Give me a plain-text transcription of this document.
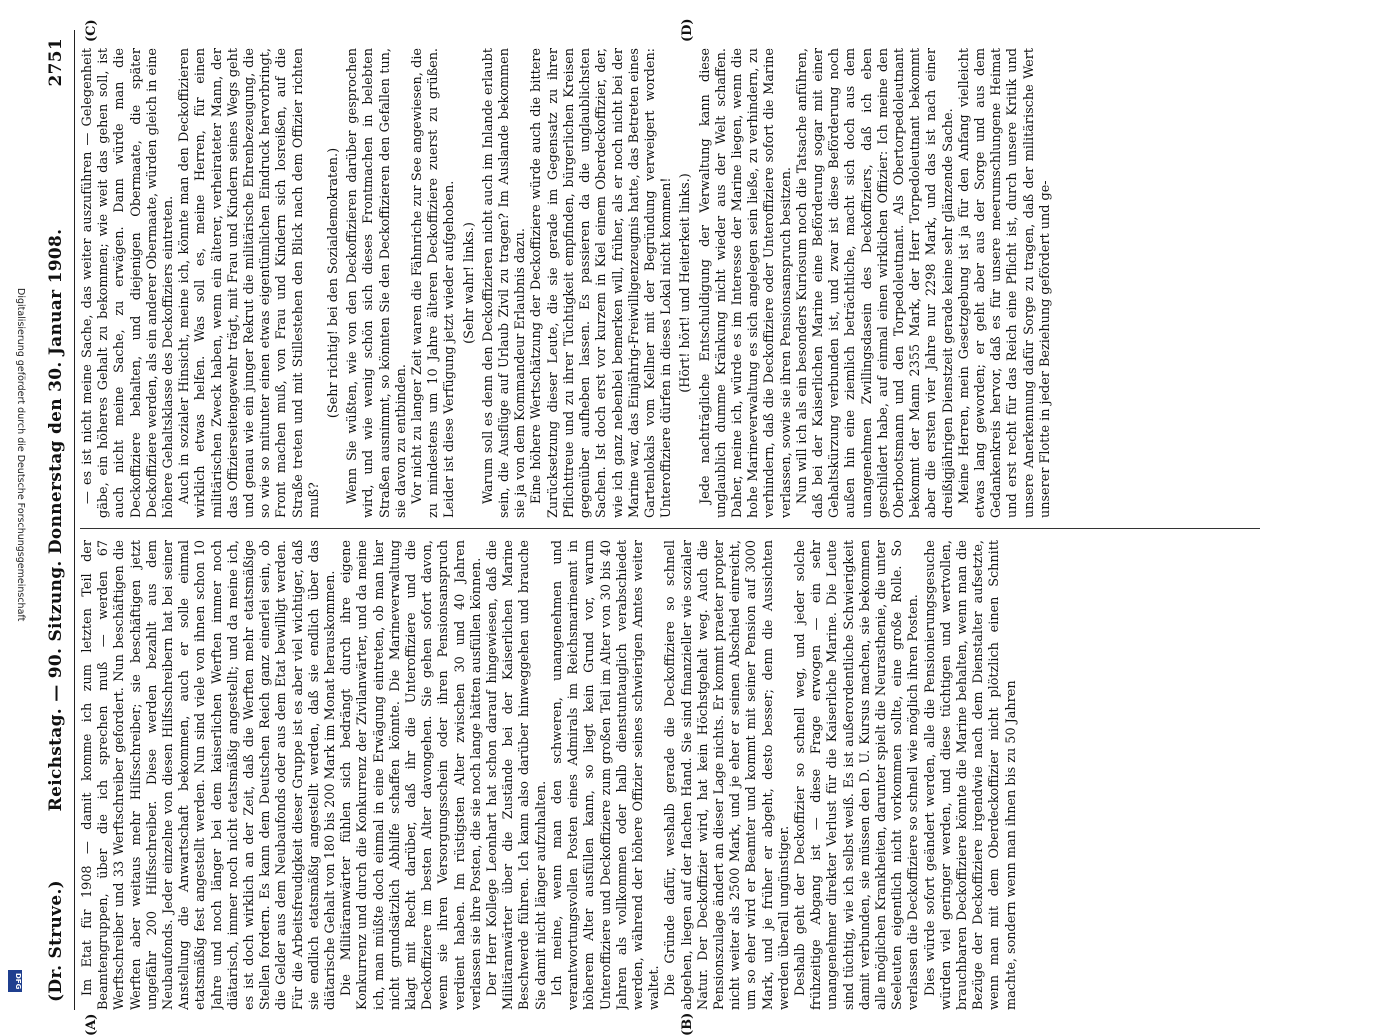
(Dr. Struve.)
Reichstag. — 90. Sitzung. Donnerstag den 30. Januar 1908.
2751

Im Etat für 1908 — damit komme ich zum letzten Teil der Beamtengruppen, über die ich sprechen muß — werden 67 Werftschreiber und 33 Werftschreiber gefordert. Nun beschäftigen die Werften aber weitaus mehr Hilfsschreiber; sie beschäftigen jetzt ungefähr 200 Hilfsschreiber. Diese werden bezahlt aus dem Neubaufonds. Jeder einzelne von diesen Hilfsschreibern hat bei seiner Anstellung die Anwartschaft bekommen, auch er solle einmal etatsmäßig fest angestellt werden. Nun sind viele von ihnen schon 10 Jahre und noch länger bei dem kaiserlichen Werften immer noch diätarisch, immer noch nicht etatsmäßig angestellt; und da meine ich, es ist doch wirklich an der Zeit, daß die Werften mehr etatsmäßige Stellen fordern. Es kann dem Deutschen Reich ganz einerlei sein, ob die Gelder aus dem Neubaufonds oder aus dem Etat bewilligt werden. Für die Arbeitsfreudigkeit dieser Gruppe ist es aber viel wichtiger, daß sie endlich etatsmäßig angestellt werden, daß sie endlich über das diätarische Gehalt von 180 bis 200 Mark im Monat herauskommen. Die Militäranwärter fühlen sich bedrängt durch ihre eigene Konkurrenz und durch die Konkurrenz der Zivilanwärter, und da meine ich, man müßte doch einmal in eine Erwägung eintreten, ob man hier nicht grundsätzlich Abhilfe schaffen könnte. Die Marineverwaltung klagt mit Recht darüber, daß ihr die Unteroffiziere und die Deckoffiziere im besten Alter davongehen. Sie gehen sofort davon, wenn sie ihren Versorgungsschein oder ihren Pensionsanspruch verdient haben. Im rüstigsten Alter zwischen 30 und 40 Jahren verlassen sie ihre Posten, die sie noch lange hätten ausfüllen können. Der Herr Kollege Leonhart hat schon darauf hingewiesen, daß die Militäranwärter über die Zustände bei der Kaiserlichen Marine Beschwerde führen. Ich kann also darüber hinweggehen und brauche Sie damit nicht länger aufzuhalten. Ich meine, wenn man den schweren, unangenehmen und verantwortungsvollen Posten eines Admirals im Reichsmarineamt in höherem Alter ausfüllen kann, so liegt kein Grund vor, warum Unteroffiziere und Deckoffiziere zum großen Teil im Alter von 30 bis 40 Jahren als vollkommen oder halb dienstuntauglich verabschiedet werden, während der höhere Offizier seines schwierigen Amtes weiter waltet. Die Gründe dafür, weshalb gerade die Deckoffiziere so schnell abgehen, liegen auf der flachen Hand. Sie sind finanzieller wie sozialer Natur. Der Deckoffizier wird, hat kein Höchstgehalt weg. Auch die Pensionszulage ändert an dieser Lage nichts. Er kommt praeter propter nicht weiter als 2500 Mark, und je eher er seinen Abschied einreicht, um so eher wird er Beamter und kommt mit seiner Pension auf 3000 Mark, und je früher er abgeht, desto besser; denn die Aussichten werden überall ungünstiger. Deshalb geht der Deckoffizier so schnell weg, und jeder solche frühzeitige Abgang ist — diese Frage erwogen — ein sehr unangenehmer direkter Verlust für die Kaiserliche Marine. Die Leute sind tüchtig, wie ich selbst weiß. Es ist außerordentliche Schwierigkeit damit verbunden, sie müssen den D. U. Kursus machen, sie bekommen alle möglichen Krankheiten, darunter spielt die Neurasthenie, die unter Seeleuten eigentlich nicht vorkommen sollte, eine große Rolle. So verlassen die Deckoffiziere so schnell wie möglich ihren Posten. Dies würde sofort geändert werden, alle die Pensionierungsgesuche würden viel geringer werden, und diese tüchtigen und wertvollen, brauchbaren Deckoffiziere könnte die Marine behalten, wenn man die Bezüge der Deckoffiziere irgendwie nach dem Dienstalter aufsetzte, wenn man mit dem Oberdeckoffizier nicht plötzlich einen Schnitt machte, sondern wenn man ihnen bis zu 50 Jahren

— es ist nicht meine Sache, das weiter auszuführen — Gelegenheit gäbe, ein höheres Gehalt zu bekommen; wie weit das gehen soll, ist auch nicht meine Sache, zu erwägen. Dann würde man die Deckoffiziere behalten, und diejenigen Obermaate, die später Deckoffiziere werden, als ein anderer Obermaate, würden gleich in eine höhere Gehaltsklasse des Deckoffiziers eintreten. Auch in sozialer Hinsicht, meine ich, könnte man den Deckoffizieren wirklich etwas helfen. Was soll es, meine Herren, für einen militärischen Zweck haben, wenn ein älterer, verheirateter Mann, der das Offizierseitengewehr trägt, mit Frau und Kindern seines Wegs geht und genau wie ein junger Rekrut die militärische Ehrenbezeugung, die so wie so mitunter einen etwas eigentümlichen Eindruck hervorbringt, Front machen muß, von Frau und Kindern sich losreißen, auf die Straße treten und mit Stillestehen den Blick nach dem Offizier richten muß?

(Sehr richtig! bei den Sozialdemokraten.) Wenn Sie wüßten, wie von den Deckoffizieren darüber gesprochen wird, und wie wenig schön sich dieses Frontmachen in belebten Straßen ausnimmt, so könnten Sie den Deckoffizieren den Gefallen tun, sie davon zu entbinden. Vor nicht zu langer Zeit waren die Fähnriche zur See angewiesen, die zu mindestens um 10 Jahre älteren Deckoffiziere zuerst zu grüßen. Leider ist diese Verfügung jetzt wieder aufgehoben. (Sehr wahr! links.) Warum soll es denn den Deckoffizieren nicht auch im Inlande erlaubt sein, die Ausflüge auf Urlaub Zivil zu tragen? Im Auslande bekommen sie ja von dem Kommandeur Erlaubnis dazu. Eine höhere Wertschätzung der Deckoffiziere würde auch die bittere Zurücksetzung dieser Leute, die sie gerade im Gegensatz zu ihrer Pflichttreue und zu ihrer Tüchtigkeit empfinden, bürgerlichen Kreisen gegenüber aufheben lassen. Es passieren da die unglaublichsten Sachen. Ist doch erst vor kurzem in Kiel einem Oberdeckoffizier, der, wie ich ganz nebenbei bemerken will, früher, als er noch nicht bei der Marine war, das Einjährig-Freiwilligenzeugnis hatte, das Betreten eines Gartenlokals vom Kellner mit der Begründung verweigert worden: Unteroffiziere dürfen in dieses Lokal nicht kommen! (Hört! hört! und Heiterkeit links.) Jede nachträgliche Entschuldigung der Verwaltung kann diese unglaublich dumme Kränkung nicht wieder aus der Welt schaffen. Daher, meine ich, würde es im Interesse der Marine liegen, wenn die hohe Marineverwaltung es sich angelegen sein ließe, zu verhindern, zu verhindern, daß die Deckoffiziere oder Unteroffiziere sofort die Marine verlassen, sowie sie ihren Pensionsanspruch besitzen. Nun will ich als ein besonders Kuriosum noch die Tatsache anführen, daß bei der Kaiserlichen Marine eine Beförderung sogar mit einer Gehaltskürzung verbunden ist, und zwar ist diese Beförderung noch außen hin eine ziemlich beträchtliche, macht sich doch aus dem unangenehmen Zwillingsdasein des Deckoffiziers, daß ich eben geschildert habe, auf einmal einen wirklichen Offizier: Ich meine den Oberbootsmann und den Torpedoleutnant. Als Obertorpedoleutnant bekommt der Mann 2355 Mark, der Herr Torpedoleutnant bekommt aber die ersten vier Jahre nur 2298 Mark, und das ist nach einer dreißigjährigen Dienstzeit gerade keine sehr glänzende Sache. Meine Herren, mein Gesetzgebung ist ja für den Anfang vielleicht etwas lang geworden; er geht aber aus der Sorge und aus dem Gedankenkreis hervor, daß es für unsere meerumschlungene Heimat und erst recht für das Reich eine Pflicht ist, durch unsere Kritik und unsere Anerkennung dafür Sorge zu tragen, daß der militärische Wert unserer Flotte in jeder Beziehung gefördert und ge-

(A)	(B)
(C)	(D)
Digitalisierung gefördert durch die Deutsche Forschungsgemeinschaft
DFG
